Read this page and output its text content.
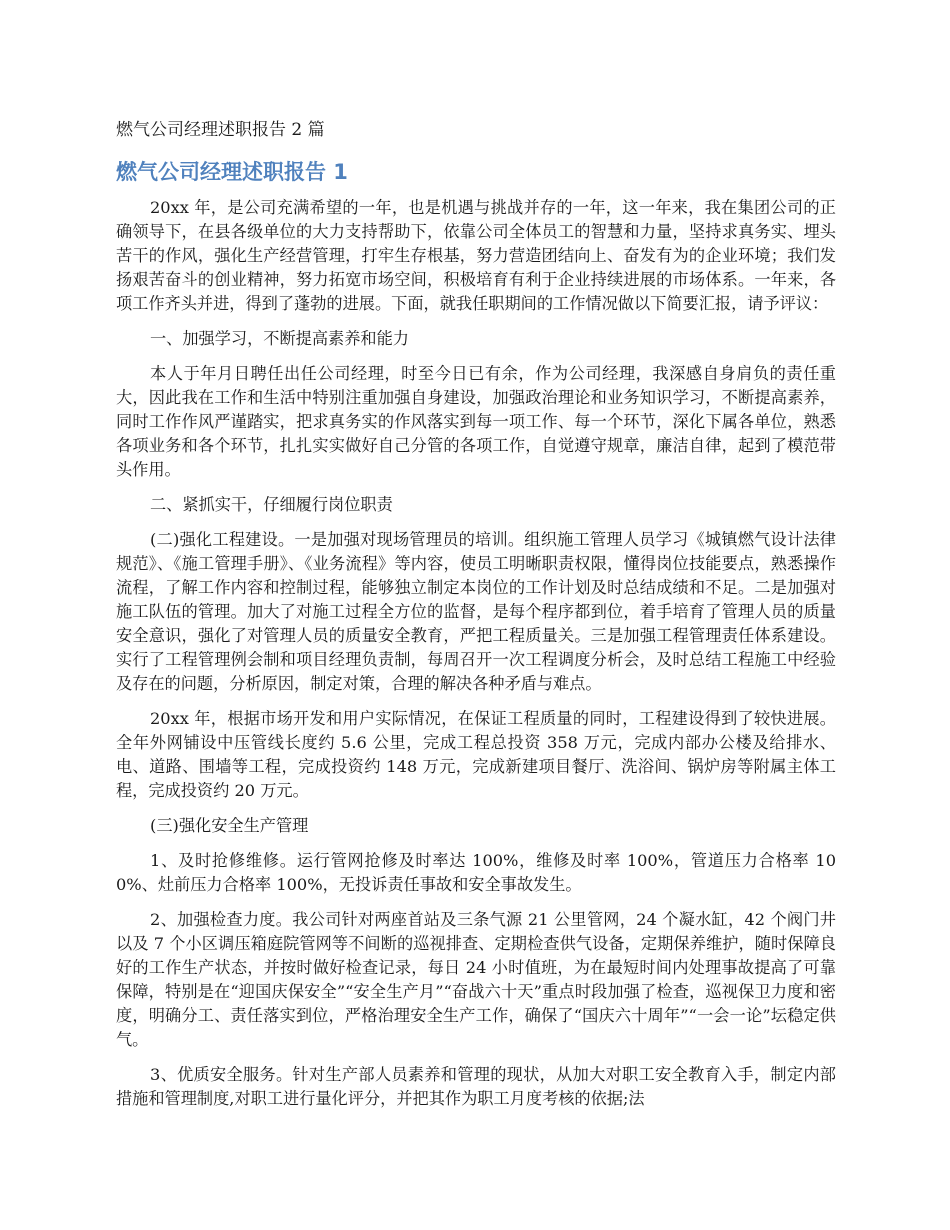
燃气公司经理述职报告 2 篇
燃气公司经理述职报告 1
20xx 年，是公司充满希望的一年，也是机遇与挑战并存的一年，这一年来，我在集团公司的正确领导下，在县各级单位的大力支持帮助下，依靠公司全体员工的智慧和力量，坚持求真务实、埋头苦干的作风，强化生产经营管理，打牢生存根基，努力营造团结向上、奋发有为的企业环境；我们发扬艰苦奋斗的创业精神，努力拓宽市场空间，积极培育有利于企业持续进展的市场体系。一年来，各项工作齐头并进，得到了蓬勃的进展。下面，就我任职期间的工作情况做以下简要汇报，请予评议：
一、加强学习，不断提高素养和能力
本人于年月日聘任出任公司经理，时至今日已有余，作为公司经理，我深感自身肩负的责任重大，因此我在工作和生活中特别注重加强自身建设，加强政治理论和业务知识学习，不断提高素养，同时工作作风严谨踏实，把求真务实的作风落实到每一项工作、每一个环节，深化下属各单位，熟悉各项业务和各个环节，扎扎实实做好自己分管的各项工作，自觉遵守规章，廉洁自律，起到了模范带头作用。
二、紧抓实干，仔细履行岗位职责
(二)强化工程建设。一是加强对现场管理员的培训。组织施工管理人员学习《城镇燃气设计法律规范》、《施工管理手册》、《业务流程》等内容，使员工明晰职责权限，懂得岗位技能要点，熟悉操作流程，了解工作内容和控制过程，能够独立制定本岗位的工作计划及时总结成绩和不足。二是加强对施工队伍的管理。加大了对施工过程全方位的监督，是每个程序都到位，着手培育了管理人员的质量安全意识，强化了对管理人员的质量安全教育，严把工程质量关。三是加强工程管理责任体系建设。实行了工程管理例会制和项目经理负责制，每周召开一次工程调度分析会，及时总结工程施工中经验及存在的问题，分析原因，制定对策，合理的解决各种矛盾与难点。
20xx 年，根据市场开发和用户实际情况，在保证工程质量的同时，工程建设得到了较快进展。全年外网铺设中压管线长度约 5.6 公里，完成工程总投资 358 万元，完成内部办公楼及给排水、电、道路、围墙等工程，完成投资约 148 万元，完成新建项目餐厅、洗浴间、锅炉房等附属主体工程，完成投资约 20 万元。
(三)强化安全生产管理
1、及时抢修维修。运行管网抢修及时率达 100%，维修及时率 100%，管道压力合格率 100%、灶前压力合格率 100%，无投诉责任事故和安全事故发生。
2、加强检查力度。我公司针对两座首站及三条气源 21 公里管网，24 个凝水缸，42 个阀门井以及 7 个小区调压箱庭院管网等不间断的巡视排查、定期检查供气设备，定期保养维护，随时保障良好的工作生产状态，并按时做好检查记录，每日 24 小时值班，为在最短时间内处理事故提高了可靠保障，特别是在“迎国庆保安全”“安全生产月”“奋战六十天”重点时段加强了检查，巡视保卫力度和密度，明确分工、责任落实到位，严格治理安全生产工作，确保了“国庆六十周年”“一会一论”坛稳定供气。
3、优质安全服务。针对生产部人员素养和管理的现状，从加大对职工安全教育入手，制定内部措施和管理制度,对职工进行量化评分，并把其作为职工月度考核的依据;法
